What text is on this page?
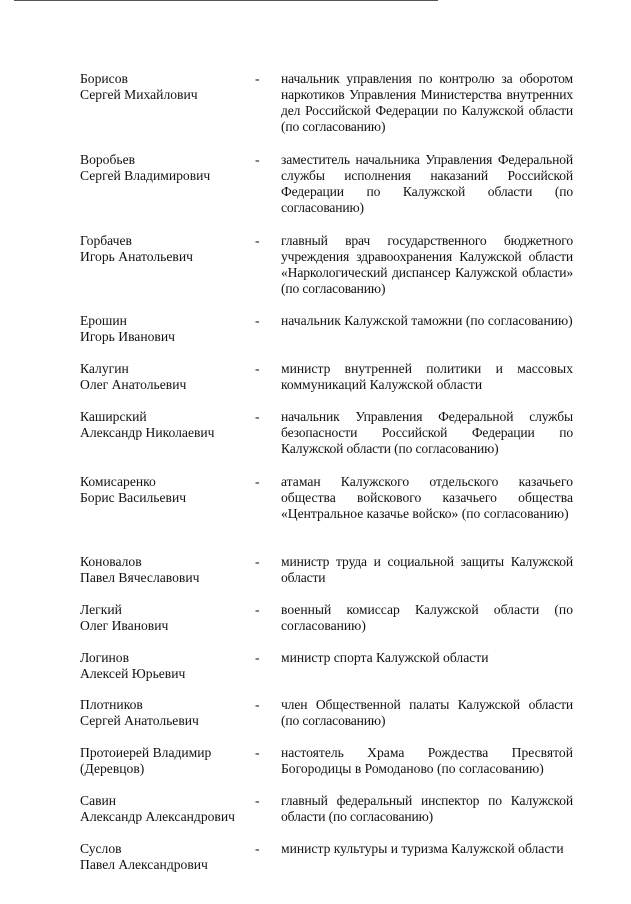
Борисов
Сергей Михайлович
- начальник управления по контролю за оборотом наркотиков Управления Министерства внутренних дел Российской Федерации по Калужской области (по согласованию)
Воробьев
Сергей Владимирович
- заместитель начальника Управления Федеральной службы исполнения наказаний Российской Федерации по Калужской области (по согласованию)
Горбачев
Игорь Анатольевич
- главный врач государственного бюджетного учреждения здравоохранения Калужской области «Наркологический диспансер Калужской области» (по согласованию)
Ерошин
Игорь Иванович
- начальник Калужской таможни (по согласованию)
Калугин
Олег Анатольевич
- министр внутренней политики и массовых коммуникаций Калужской области
Каширский
Александр Николаевич
- начальник Управления Федеральной службы безопасности Российской Федерации по Калужской области (по согласованию)
Комисаренко
Борис Васильевич
- атаман Калужского отдельского казачьего общества войскового казачьего общества «Центральное казачье войско» (по согласованию)
Коновалов
Павел Вячеславович
- министр труда и социальной защиты Калужской области
Легкий
Олег Иванович
- военный комиссар Калужской области (по согласованию)
Логинов
Алексей Юрьевич
- министр спорта Калужской области
Плотников
Сергей Анатольевич
- член Общественной палаты Калужской области (по согласованию)
Протоиерей Владимир
(Деревцов)
- настоятель Храма Рождества Пресвятой Богородицы в Ромоданово (по согласованию)
Савин
Александр Александрович
- главный федеральный инспектор по Калужской области (по согласованию)
Суслов
Павел Александрович
- министр культуры и туризма Калужской области
